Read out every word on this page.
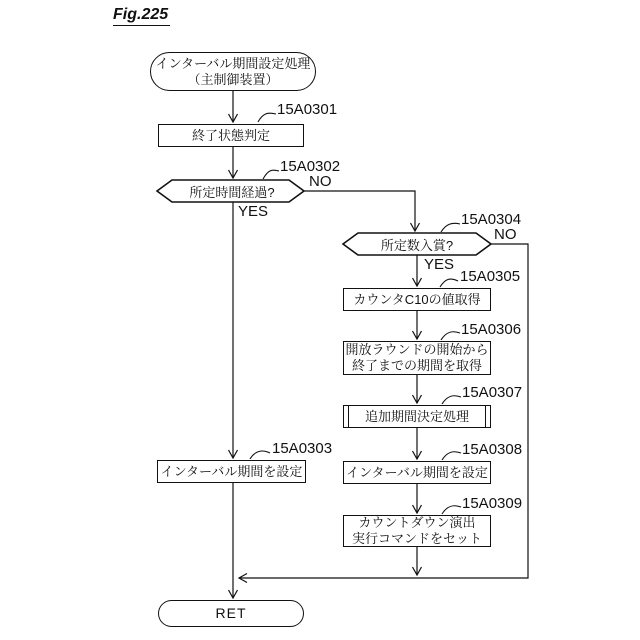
Fig.225
インターバル期間設定処理
（主制御装置）
終了状態判定
所定時間経過?
所定数入賞?
カウンタC10の値取得
開放ラウンドの開始から
終了までの期間を取得
追加期間決定処理
インターバル期間を設定
インターバル期間を設定
カウントダウン演出
実行コマンドをセット
RET
15A0301
15A0302
15A0303
15A0304
15A0305
15A0306
15A0307
15A0308
15A0309
YES
NO
YES
NO
